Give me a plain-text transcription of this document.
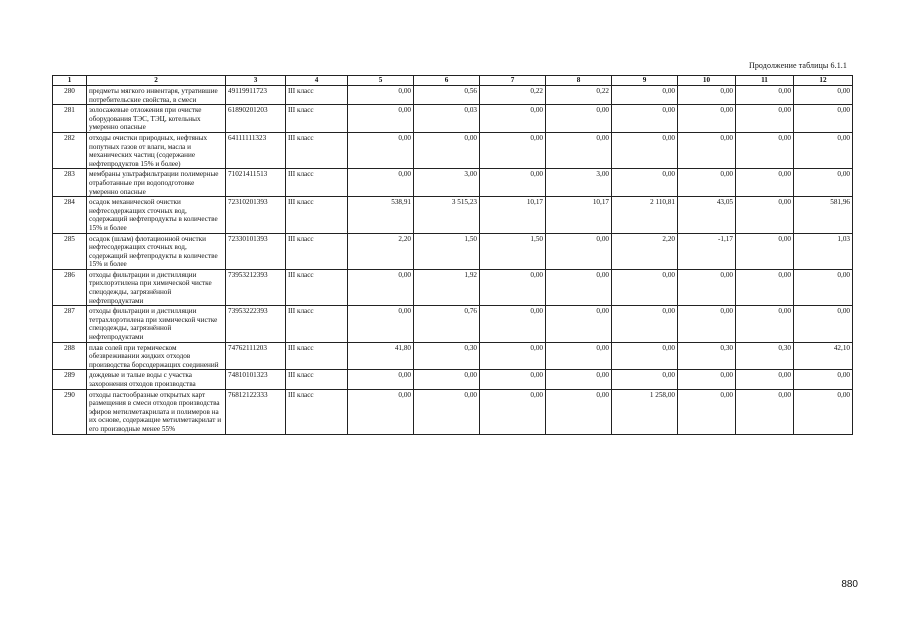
Продолжение таблицы 6.1.1
1	2	3	4	5	6	7	8	9	10	11	12
280	предметы мягкого инвентаря, утратившие потребительские свойства, в смеси	49119911723	III класс	0,00	0,56	0,22	0,22	0,00	0,00	0,00	0,00
281	золосажевые отложения при очистке оборудования ТЭС, ТЭЦ, котельных умеренно опасные	61890201203	III класс	0,00	0,03	0,00	0,00	0,00	0,00	0,00	0,00
282	отходы очистки природных, нефтяных попутных газов от влаги, масла и механических частиц (содержание нефтепродуктов 15% и более)	64111111323	III класс	0,00	0,00	0,00	0,00	0,00	0,00	0,00	0,00
283	мембраны ультрафильтрации полимерные отработанные при водоподготовке умеренно опасные	71021411513	III класс	0,00	3,00	0,00	3,00	0,00	0,00	0,00	0,00
284	осадок механической очистки нефтесодержащих сточных вод, содержащий нефтепродукты в количестве 15% и более	72310201393	III класс	538,91	3 515,23	10,17	10,17	2 110,81	43,05	0,00	581,96
285	осадок (шлам) флотационной очистки нефтесодержащих сточных вод, содержащий нефтепродукты в количестве 15% и более	72330101393	III класс	2,20	1,50	1,50	0,00	2,20	-1,17	0,00	1,03
286	отходы фильтрации и дистилляции трихлорэтилена при химической чистке спецодежды, загрязнённой нефтепродуктами	73953212393	III класс	0,00	1,92	0,00	0,00	0,00	0,00	0,00	0,00
287	отходы фильтрации и дистилляции тетрахлорэтилена при химической чистке спецодежды, загрязнённой нефтепродуктами	73953222393	III класс	0,00	0,76	0,00	0,00	0,00	0,00	0,00	0,00
288	плав солей при термическом обезвреживании жидких отходов производства борсодержащих соединений	74762111203	III класс	41,80	0,30	0,00	0,00	0,00	0,30	0,30	42,10
289	дождевые и талые воды с участка захоронения отходов производства	74810101323	III класс	0,00	0,00	0,00	0,00	0,00	0,00	0,00	0,00
290	отходы пастообразные открытых карт размещения в смеси отходов производства эфиров метилметакрилата и полимеров на их основе, содержащие метилметакрилат и его производные менее 55%	76812122333	III класс	0,00	0,00	0,00	0,00	1 258,00	0,00	0,00	0,00
880
